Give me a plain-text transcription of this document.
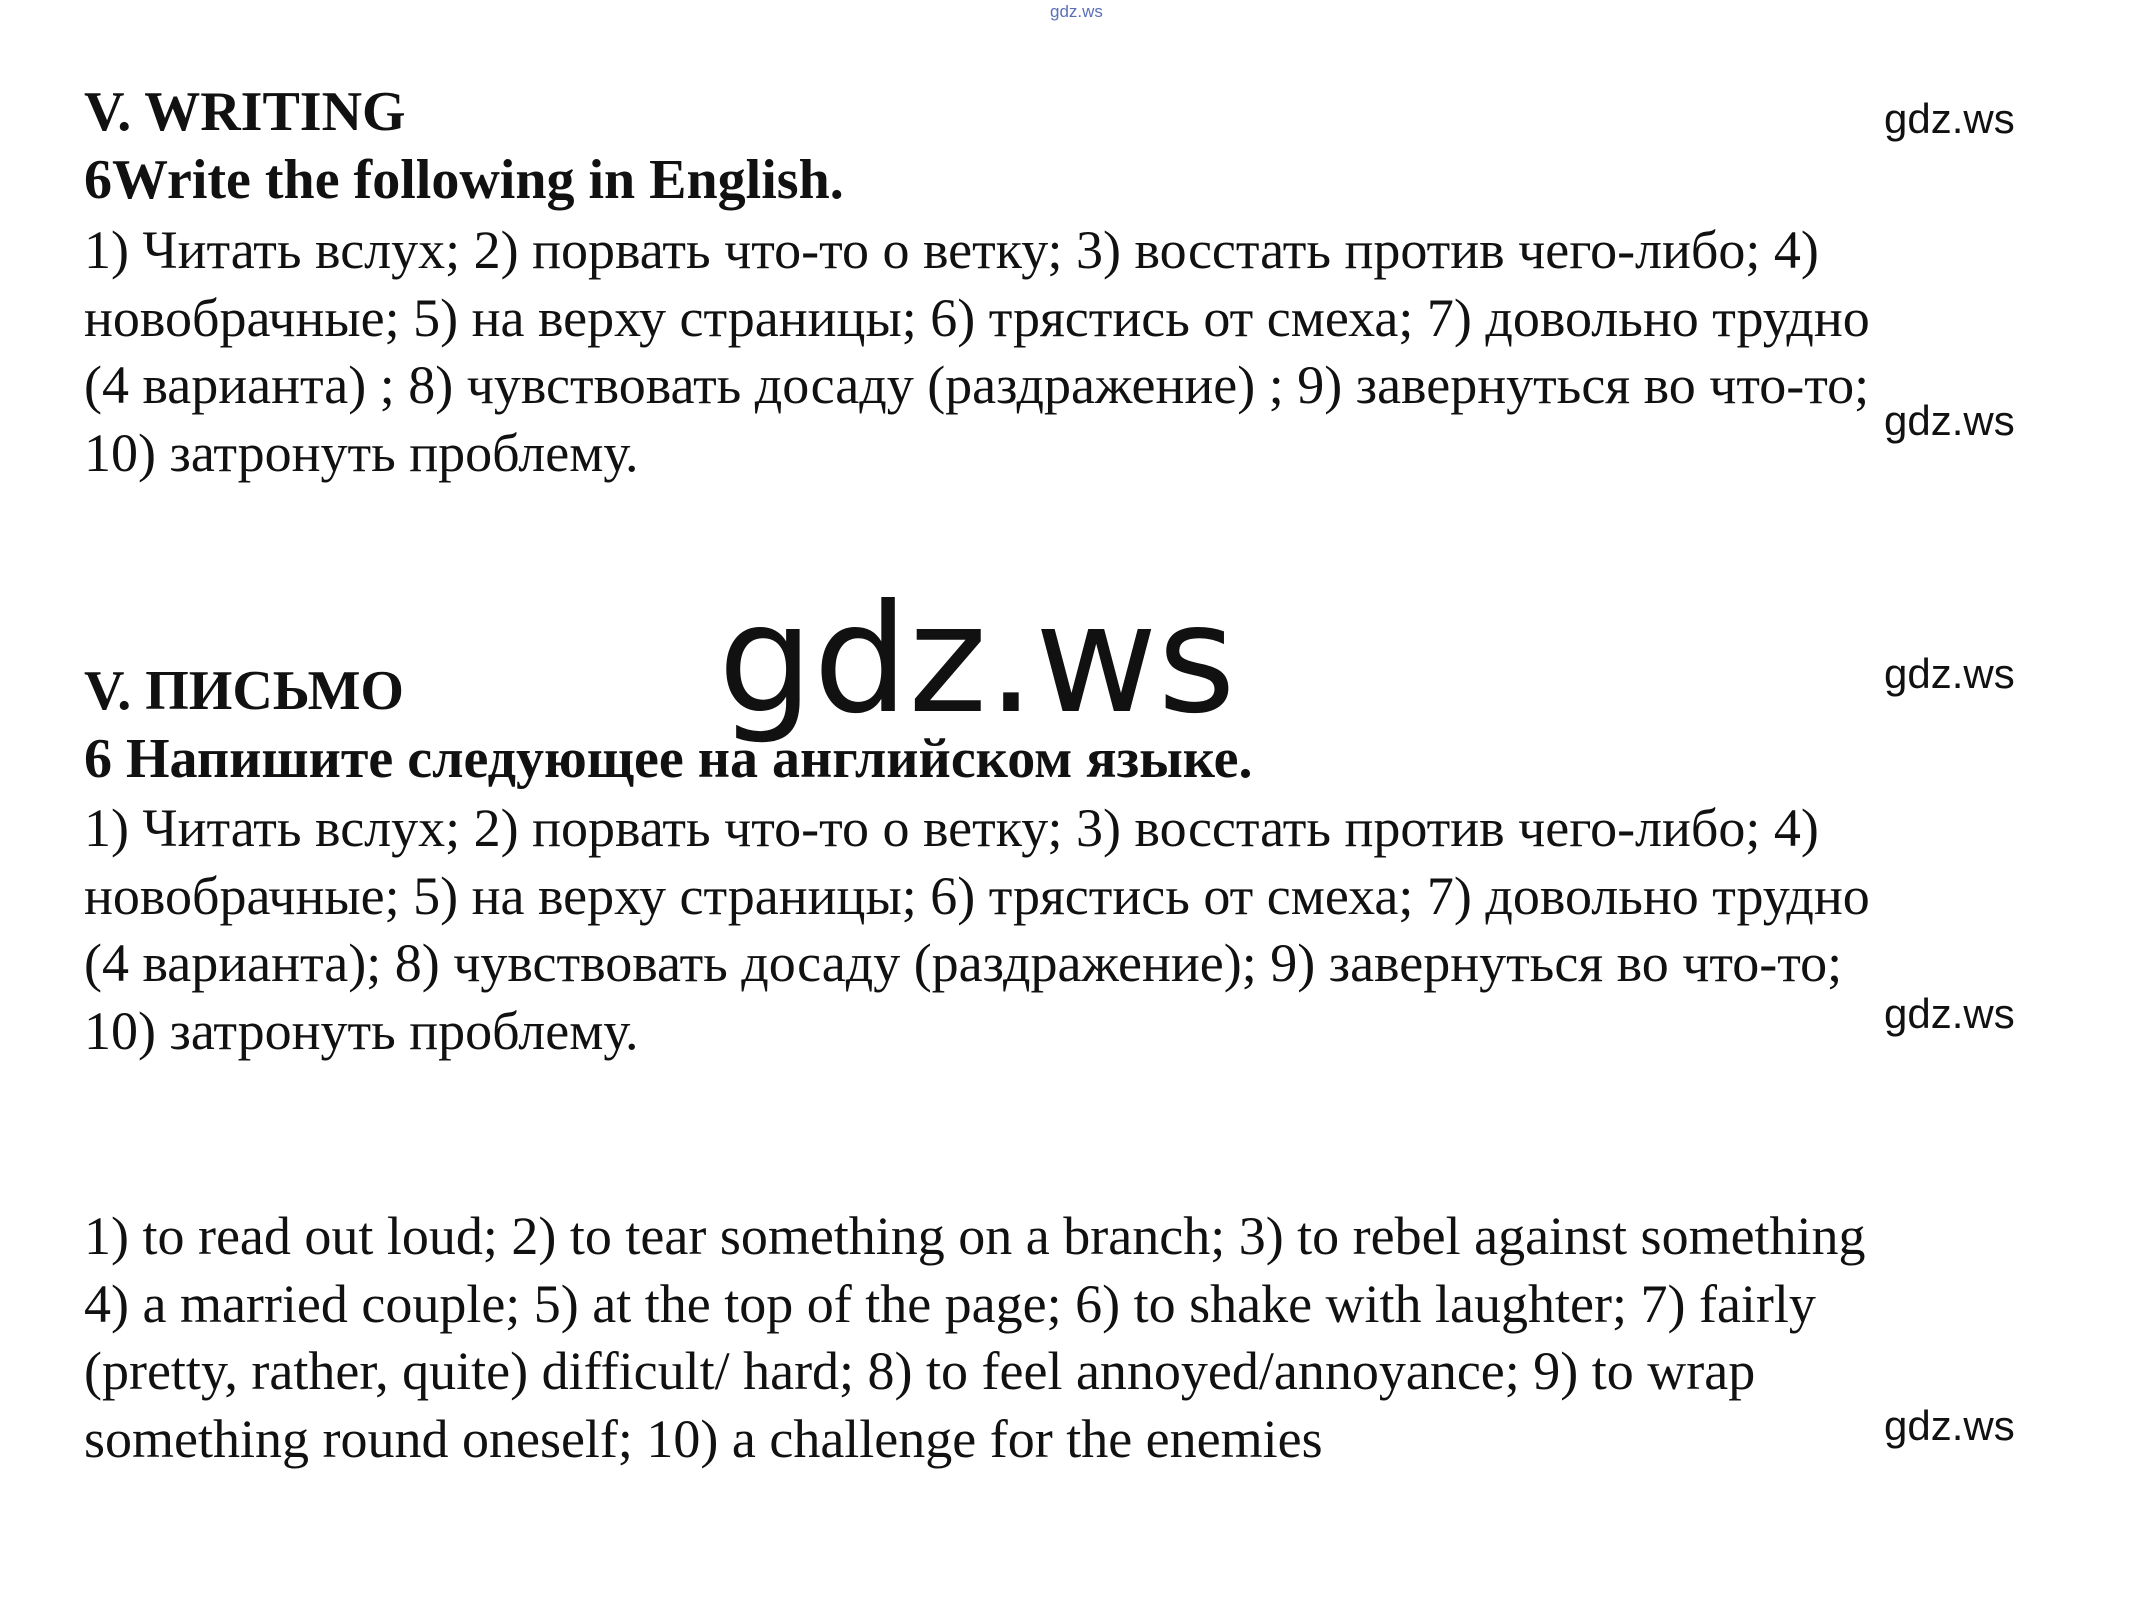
gdz.ws
V. WRITING
6Write the following in English.
1) Читать вслух; 2) порвать что-то о ветку; 3) восстать против чего-либо; 4)
новобрачные; 5) на верху страницы; 6) трястись от смеха; 7) довольно трудно
(4 варианта) ; 8) чувствовать досаду (раздражение) ; 9) завернуться во что-то;
10) затронуть проблему.
V. ПИСЬМО
6 Напишите следующее на английском языке.
1) Читать вслух; 2) порвать что-то о ветку; 3) восстать против чего-либо; 4)
новобрачные; 5) на верху страницы; 6) трястись от смеха; 7) довольно трудно
(4 варианта); 8) чувствовать досаду (раздражение); 9) завернуться во что-то;
10) затронуть проблему.
1) to read out loud; 2) to tear something on a branch; 3) to rebel against something
4) a married couple; 5) at the top of the page; 6) to shake with laughter; 7) fairly
(pretty, rather, quite) difficult/ hard; 8) to feel annoyed/annoyance; 9) to wrap
something round oneself; 10) a challenge for the enemies
gdz.ws
gdz.ws
gdz.ws
gdz.ws
gdz.ws
gdz.ws
